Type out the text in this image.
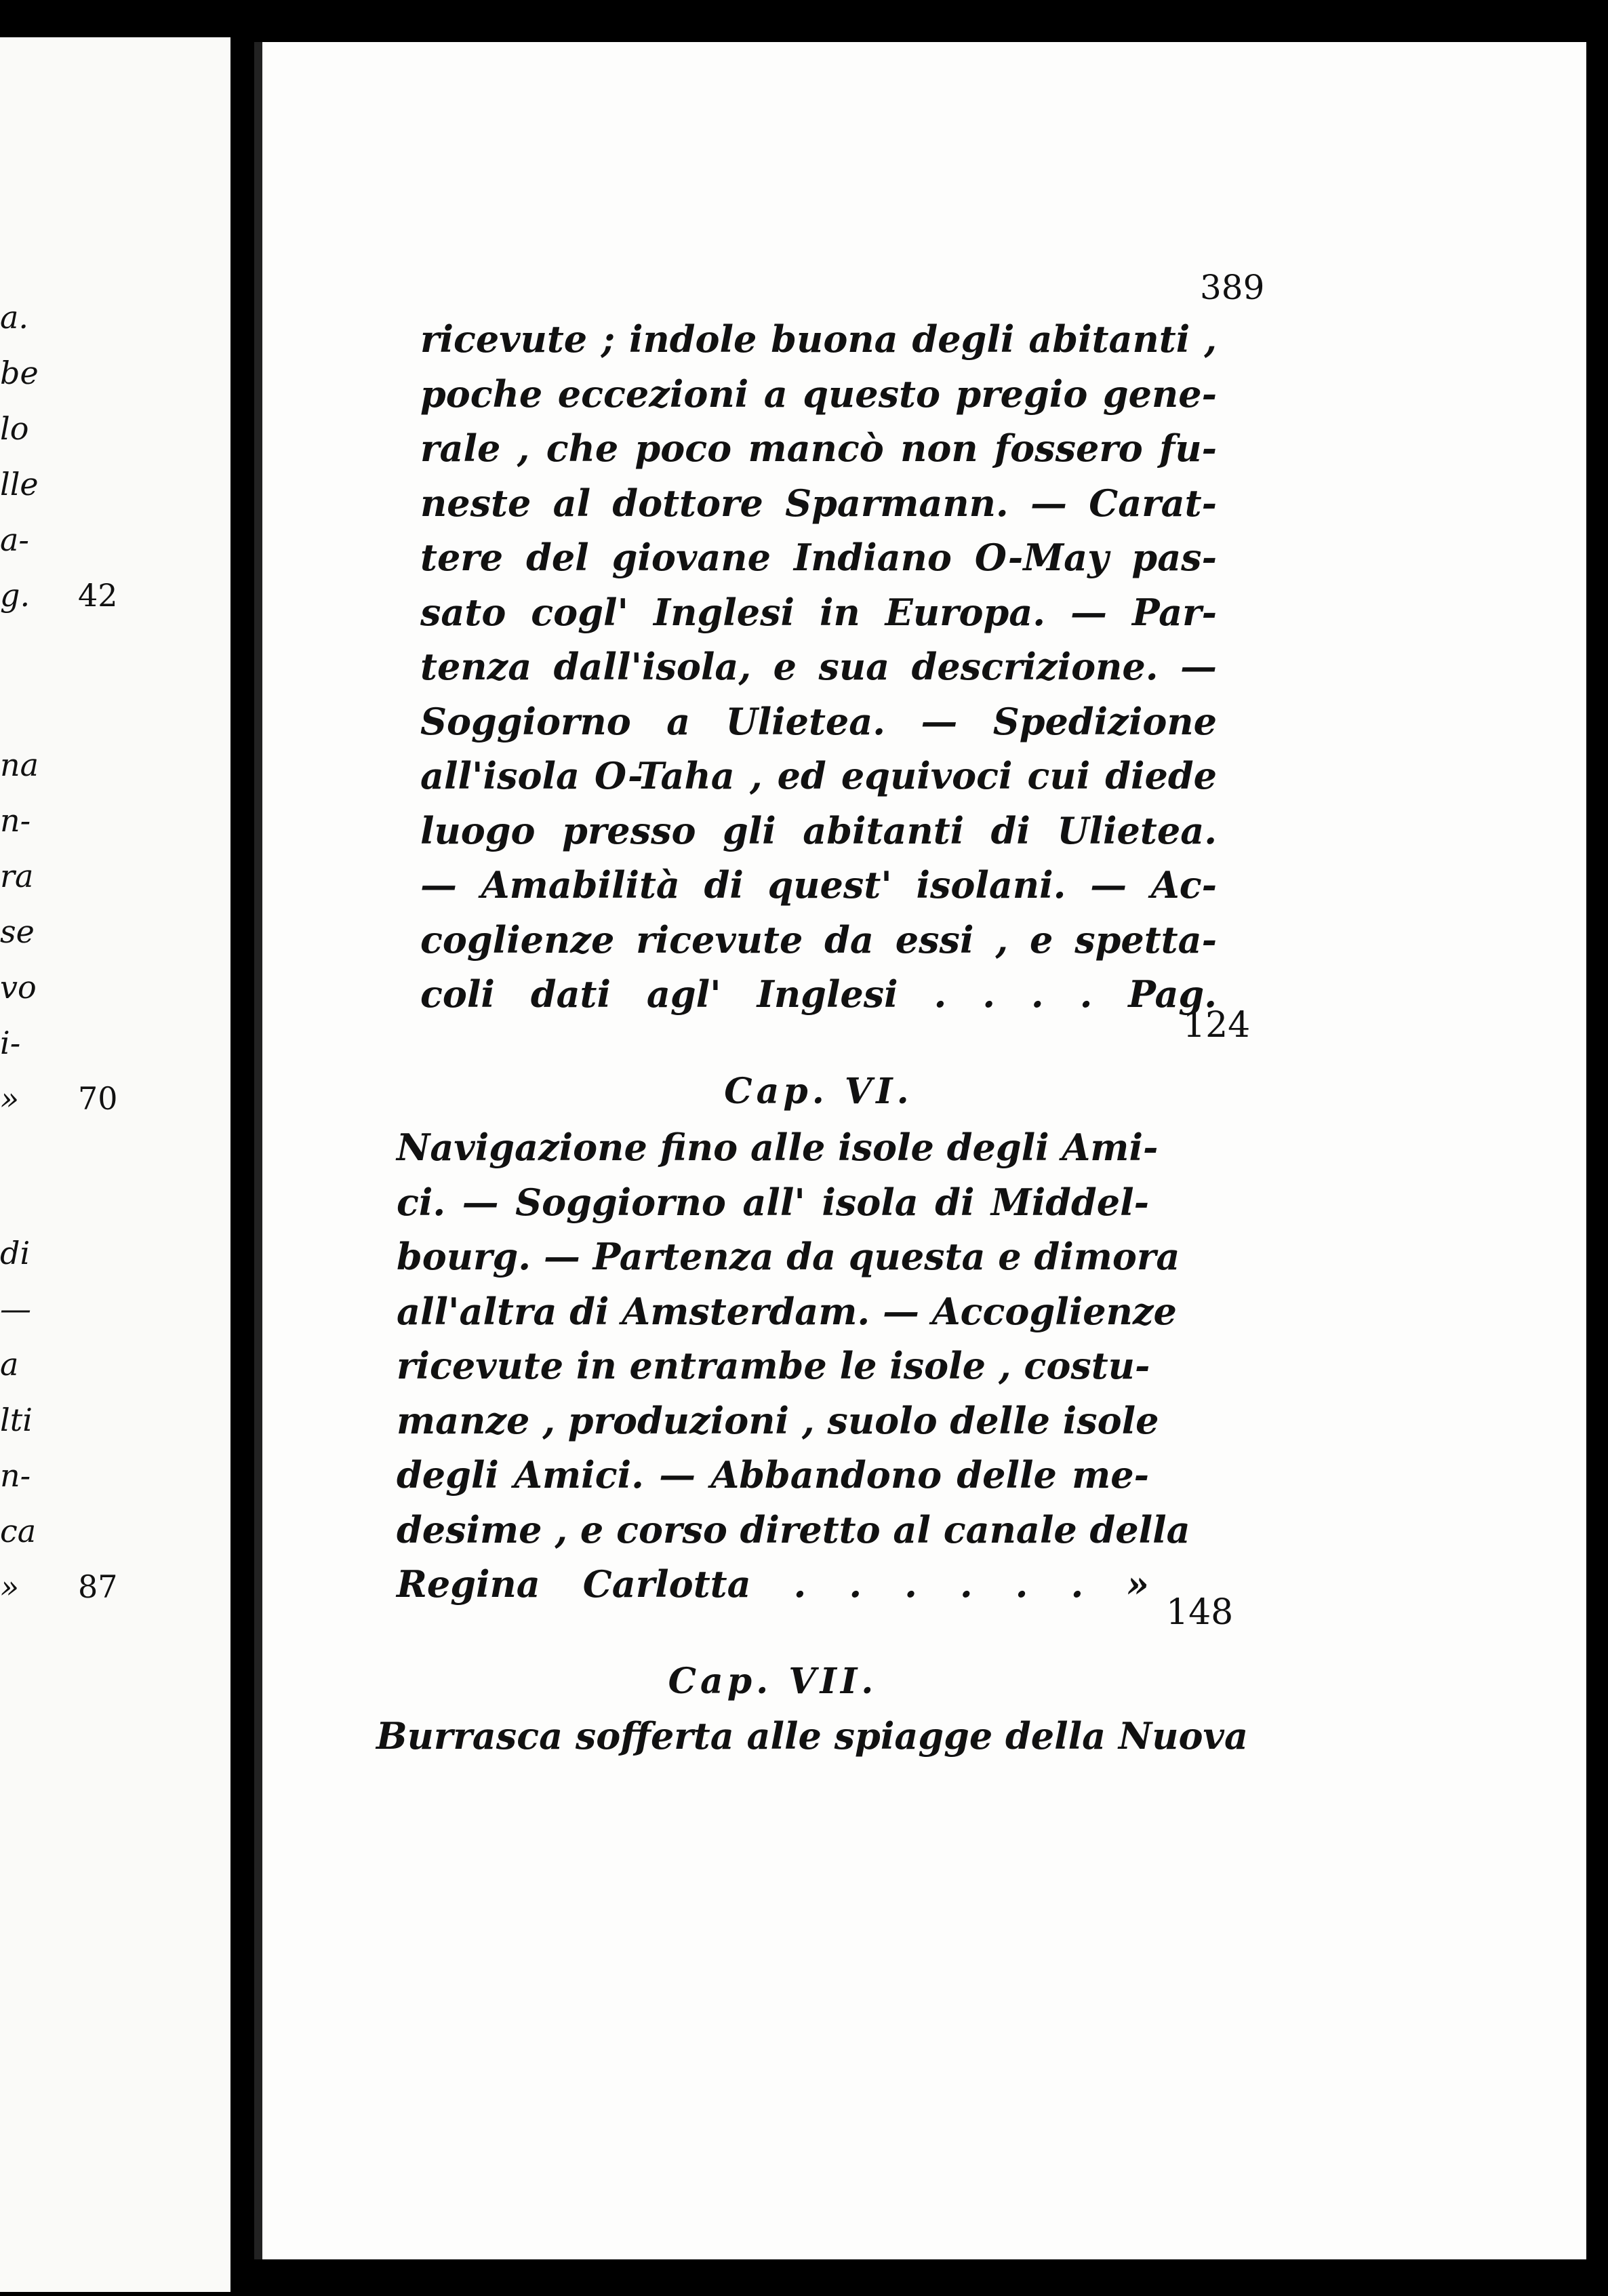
a.
be
lo
lle
a-
g. 42
na
n-
ra
se
vo
i-
» 70
di
—
a
lti
n-
ca
» 87
389
ricevute ; indole buona degli abitanti ,
poche eccezioni a questo pregio gene-
rale , che poco mancò non fossero fu-
neste al dottore Sparmann. — Carat-
tere del giovane Indiano O-May pas-
sato cogl' Inglesi in Europa. — Par-
tenza dall'isola, e sua descrizione. —
Soggiorno a Ulietea. — Spedizione
all'isola O-Taha , ed equivoci cui diede
luogo presso gli abitanti di Ulietea.
— Amabilità di quest' isolani. — Ac-
coglienze ricevute da essi , e spetta-
coli dati agl' Inglesi . . . . Pag.
124
Cap. VI.
Navigazione fino alle isole degli Ami-
ci. — Soggiorno all' isola di Middel-
bourg. — Partenza da questa e dimora
all'altra di Amsterdam. — Accoglienze
ricevute in entrambe le isole , costu-
manze , produzioni , suolo delle isole
degli Amici. — Abbandono delle me-
desime , e corso diretto al canale della
Regina Carlotta . . . . . . »
148
Cap. VII.
Burrasca sofferta alle spiagge della Nuova
